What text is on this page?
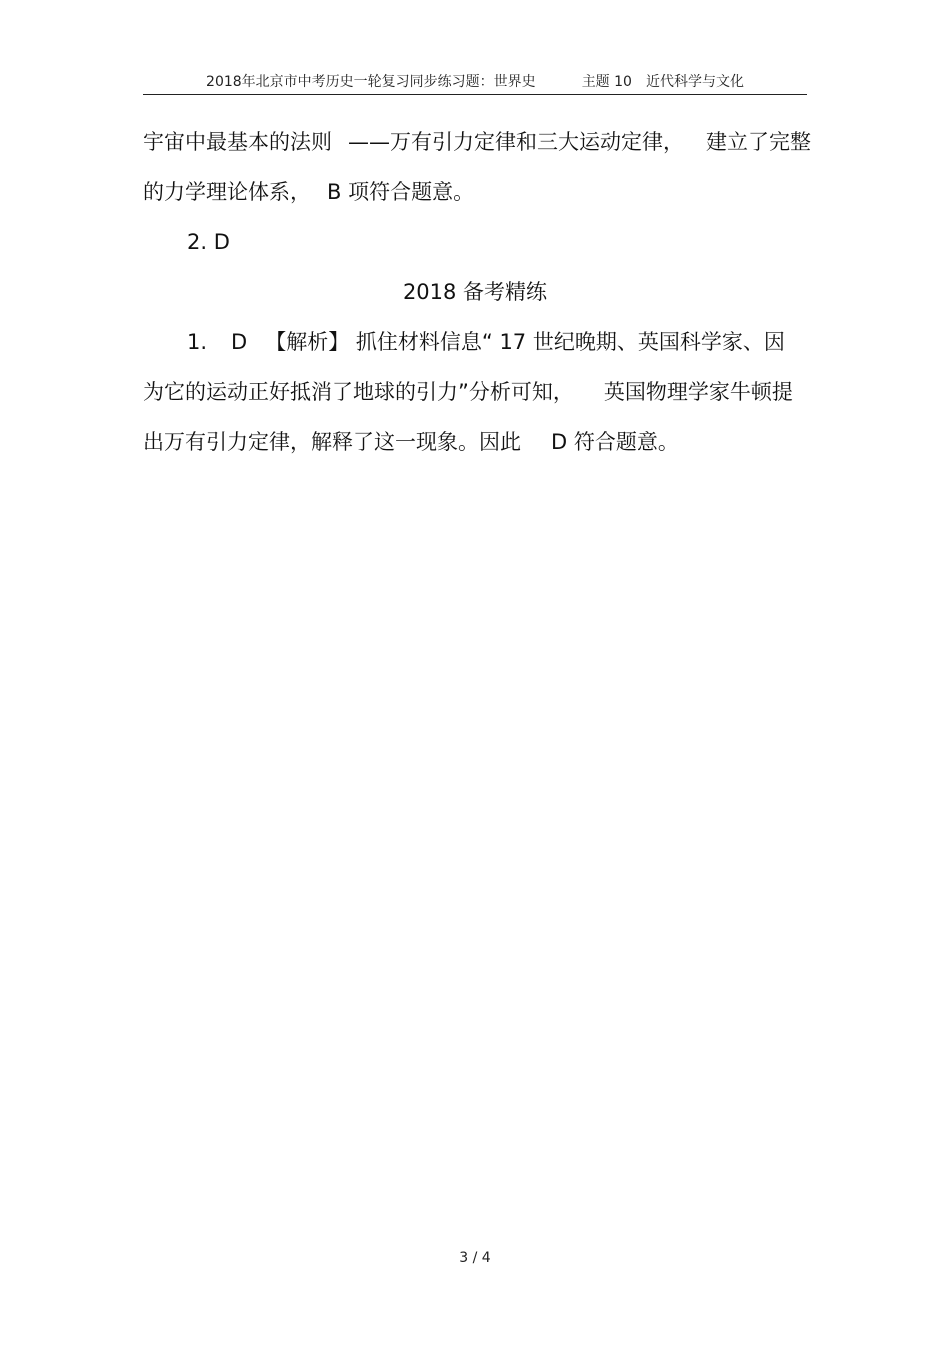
2018年北京市中考历史一轮复习同步练习题：世界史	主题 10　近代科学与文化
宇宙中最基本的法则 ——万有引力定律和三大运动定律， 建立了完整
的力学理论体系， B 项符合题意。
2. D
2018 备考精练
1. D 【解析】 抓住材料信息“ 17 世纪晚期、英国科学家、因
为它的运动正好抵消了地球的引力”分析可知， 英国物理学家牛顿提
出万有引力定律，解释了这一现象。因此 D 符合题意。
3 / 4
